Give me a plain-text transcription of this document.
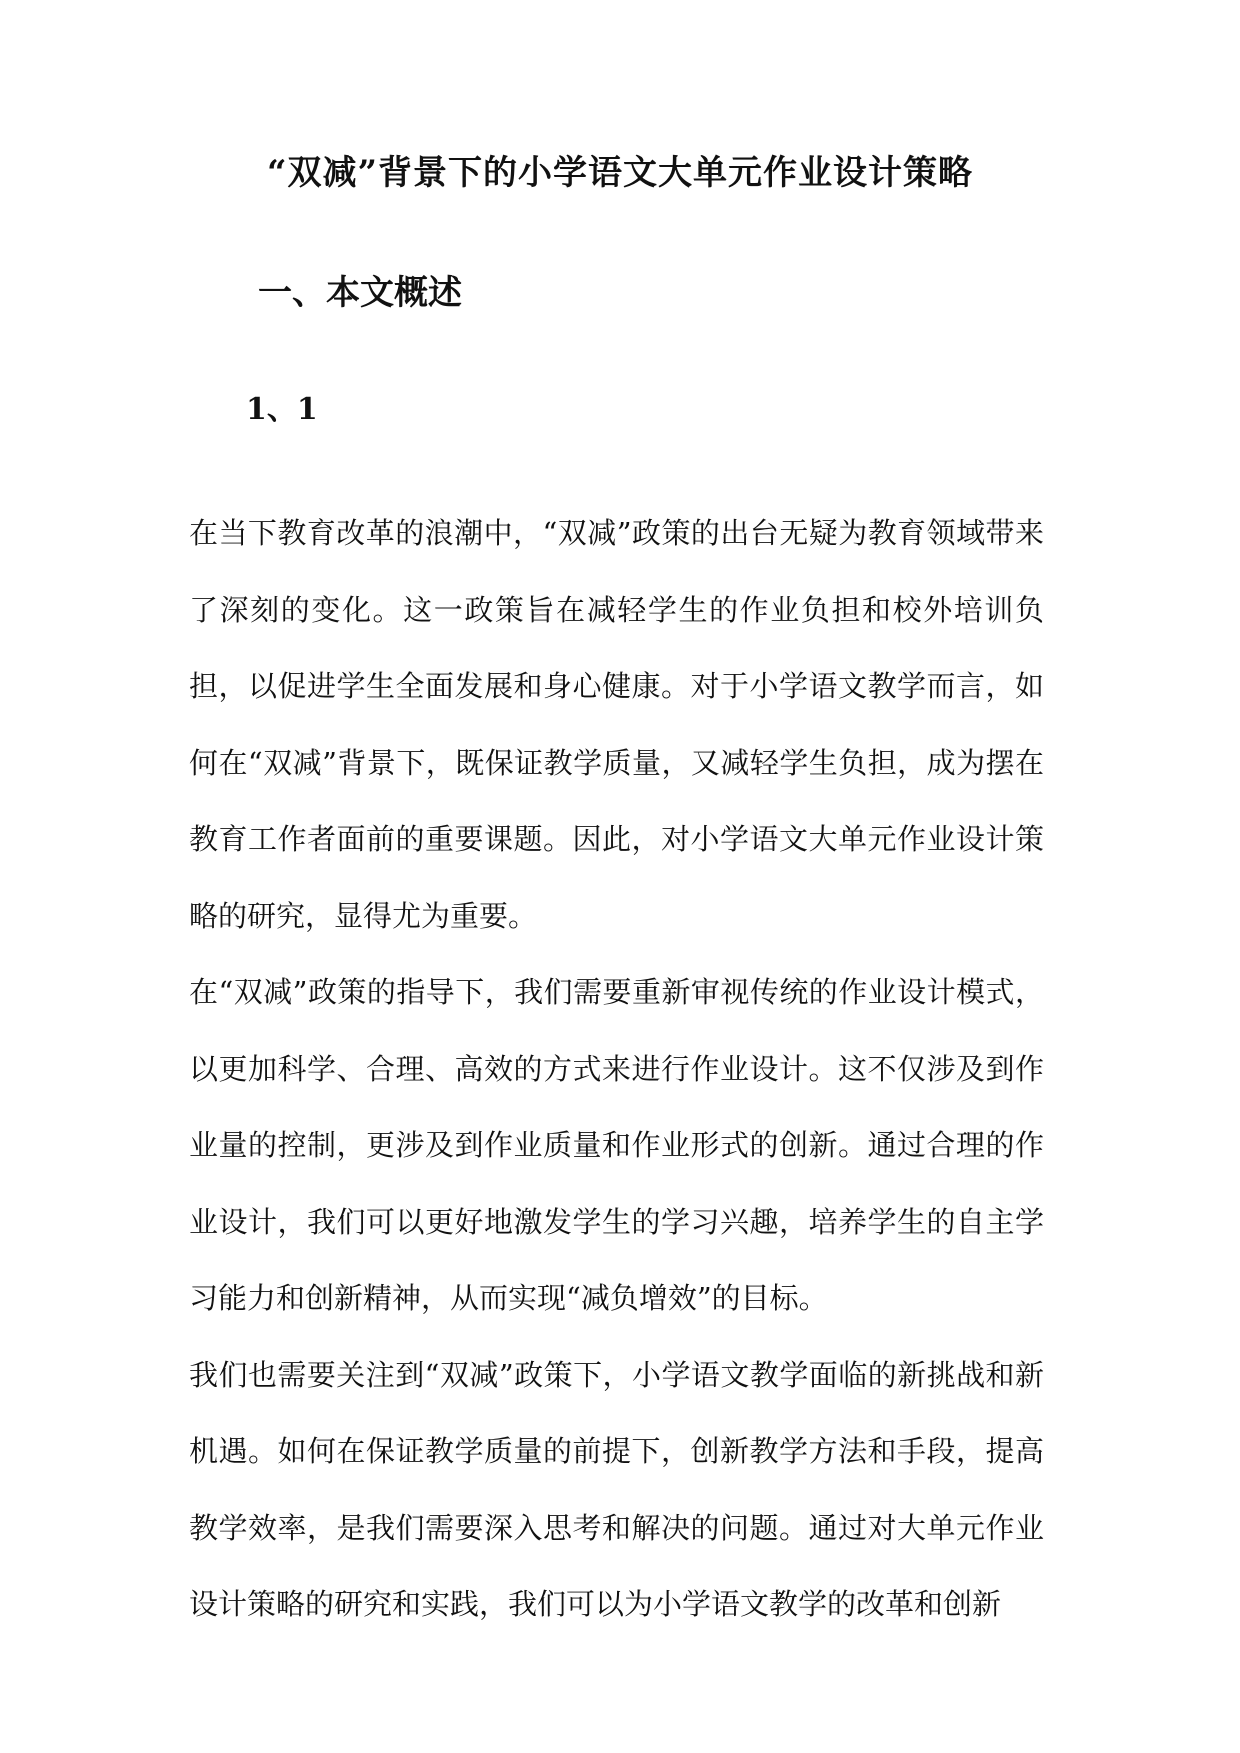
“双减”背景下的小学语文大单元作业设计策略
一、本文概述
1、1

在当下教育改革的浪潮中，“双减”政策的出台无疑为教育领域带来了深刻的变化。这一政策旨在减轻学生的作业负担和校外培训负担，以促进学生全面发展和身心健康。对于小学语文教学而言，如何在“双减”背景下，既保证教学质量，又减轻学生负担，成为摆在教育工作者面前的重要课题。因此，对小学语文大单元作业设计策略的研究，显得尤为重要。

在“双减”政策的指导下，我们需要重新审视传统的作业设计模式，以更加科学、合理、高效的方式来进行作业设计。这不仅涉及到作业量的控制，更涉及到作业质量和作业形式的创新。通过合理的作业设计，我们可以更好地激发学生的学习兴趣，培养学生的自主学习能力和创新精神，从而实现“减负增效”的目标。

我们也需要关注到“双减”政策下，小学语文教学面临的新挑战和新机遇。如何在保证教学质量的前提下，创新教学方法和手段，提高教学效率，是我们需要深入思考和解决的问题。通过对大单元作业设计策略的研究和实践，我们可以为小学语文教学的改革和创新
